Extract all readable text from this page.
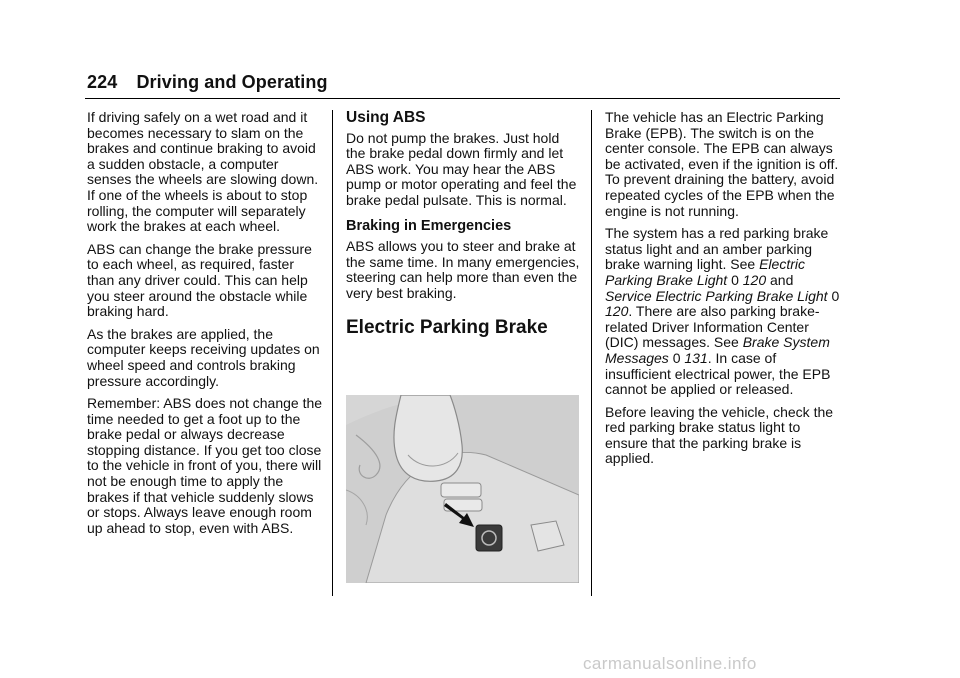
224 Driving and Operating

If driving safely on a wet road and it becomes necessary to slam on the brakes and continue braking to avoid a sudden obstacle, a computer senses the wheels are slowing down. If one of the wheels is about to stop rolling, the computer will separately work the brakes at each wheel.

ABS can change the brake pressure to each wheel, as required, faster than any driver could. This can help you steer around the obstacle while braking hard.

As the brakes are applied, the computer keeps receiving updates on wheel speed and controls braking pressure accordingly.

Remember: ABS does not change the time needed to get a foot up to the brake pedal or always decrease stopping distance. If you get too close to the vehicle in front of you, there will not be enough time to apply the brakes if that vehicle suddenly slows or stops. Always leave enough room up ahead to stop, even with ABS.

Using ABS

Do not pump the brakes. Just hold the brake pedal down firmly and let ABS work. You may hear the ABS pump or motor operating and feel the brake pedal pulsate. This is normal.

Braking in Emergencies

ABS allows you to steer and brake at the same time. In many emergencies, steering can help more than even the very best braking.

Electric Parking Brake

The vehicle has an Electric Parking Brake (EPB). The switch is on the center console. The EPB can always be activated, even if the ignition is off. To prevent draining the battery, avoid repeated cycles of the EPB when the engine is not running.

The system has a red parking brake status light and an amber parking brake warning light. See Electric Parking Brake Light 0 120 and Service Electric Parking Brake Light 0 120. There are also parking brake-related Driver Information Center (DIC) messages. See Brake System Messages 0 131. In case of insufficient electrical power, the EPB cannot be applied or released.

Before leaving the vehicle, check the red parking brake status light to ensure that the parking brake is applied.

carmanualsonline.info
